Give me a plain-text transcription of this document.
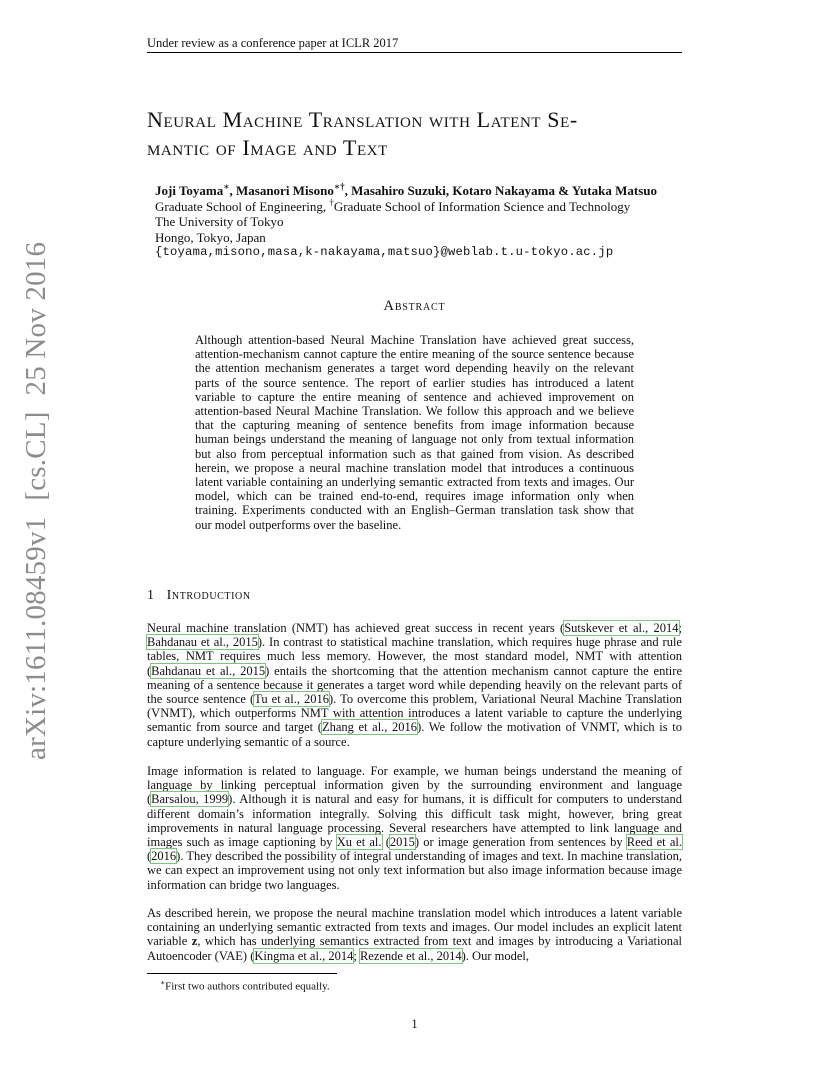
Under review as a conference paper at ICLR 2017
arXiv:1611.08459v1[cs.CL]25 Nov 2016
Neural Machine Translation with Latent Se-
mantic of Image and Text
Joji Toyama∗, Masanori Misono∗†, Masahiro Suzuki, Kotaro Nakayama & Yutaka Matsuo
Graduate School of Engineering, †Graduate School of Information Science and Technology
The University of Tokyo
Hongo, Tokyo, Japan
{toyama,misono,masa,k-nakayama,matsuo}@weblab.t.u-tokyo.ac.jp
Abstract
Although attention-based Neural Machine Translation have achieved great success, attention-mechanism cannot capture the entire meaning of the source sentence because the attention mechanism generates a target word depending heavily on the relevant parts of the source sentence. The report of earlier studies has introduced a latent variable to capture the entire meaning of sentence and achieved improvement on attention-based Neural Machine Translation. We follow this approach and we believe that the capturing meaning of sentence benefits from image information because human beings understand the meaning of language not only from textual information but also from perceptual information such as that gained from vision. As described herein, we propose a neural machine translation model that introduces a continuous latent variable containing an underlying semantic extracted from texts and images. Our model, which can be trained end-to-end, requires image information only when training. Experiments conducted with an English–German translation task show that our model outperforms over the baseline.
1 Introduction
Neural machine translation (NMT) has achieved great success in recent years (Sutskever et al., 2014; Bahdanau et al., 2015). In contrast to statistical machine translation, which requires huge phrase and rule tables, NMT requires much less memory. However, the most standard model, NMT with attention (Bahdanau et al., 2015) entails the shortcoming that the attention mechanism cannot capture the entire meaning of a sentence because it generates a target word while depending heavily on the relevant parts of the source sentence (Tu et al., 2016). To overcome this problem, Variational Neural Machine Translation (VNMT), which outperforms NMT with attention introduces a latent variable to capture the underlying semantic from source and target (Zhang et al., 2016). We follow the motivation of VNMT, which is to capture underlying semantic of a source.
Image information is related to language. For example, we human beings understand the meaning of language by linking perceptual information given by the surrounding environment and language (Barsalou, 1999). Although it is natural and easy for humans, it is difficult for computers to understand different domain’s information integrally. Solving this difficult task might, however, bring great improvements in natural language processing. Several researchers have attempted to link language and images such as image captioning by Xu et al. (2015) or image generation from sentences by Reed et al. (2016). They described the possibility of integral understanding of images and text. In machine translation, we can expect an improvement using not only text information but also image information because image information can bridge two languages.
As described herein, we propose the neural machine translation model which introduces a latent variable containing an underlying semantic extracted from texts and images. Our model includes an explicit latent variable z, which has underlying semantics extracted from text and images by introducing a Variational Autoencoder (VAE) (Kingma et al., 2014; Rezende et al., 2014). Our model,
∗First two authors contributed equally.
1
